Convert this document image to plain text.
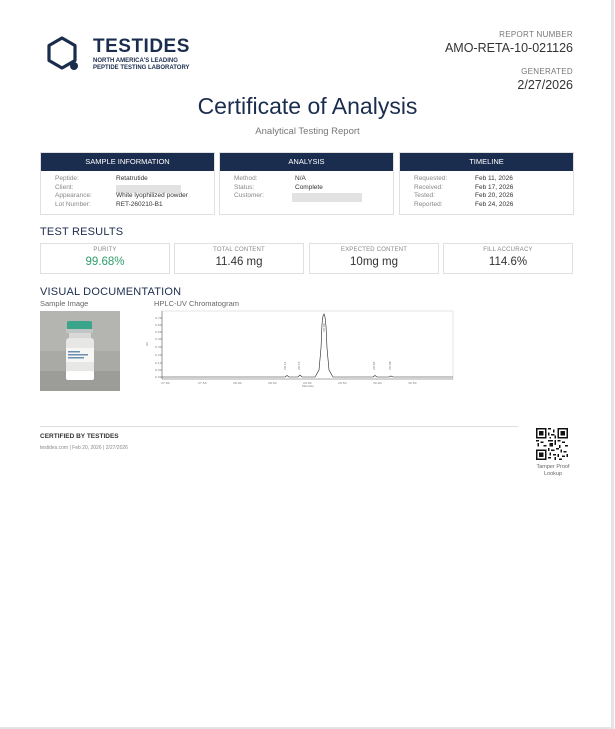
TESTIDES
NORTH AMERICA'S LEADING
PEPTIDE TESTING LABORATORY
REPORT NUMBER
AMO-RETA-10-021126
GENERATED
2/27/2026
Certificate of Analysis
Analytical Testing Report
SAMPLE INFORMATION
Peptide:	Retatrutide
Client:
Appearance:	White lyophilized powder
Lot Number:	RET-260210-B1
ANALYSIS
Method:	N/A
Status:	Complete
Customer:
TIMELINE
Requested:	Feb 11, 2026
Received:	Feb 17, 2026
Tested:	Feb 20, 2026
Reported:	Feb 24, 2026
TEST RESULTS
PURITY
99.68%
TOTAL CONTENT
11.46 mg
EXPECTED CONTENT
10mg mg
FILL ACCURACY
114.6%
VISUAL DOCUMENTATION
Sample Image	HPLC-UV Chromatogram
0.70
0.60
0.50
0.40
0.30
0.20
0.10
0.04
0.00
AU
27.00	27.50	28.00	28.50	29.00	29.50	30.00	30.50
Minutes
28.41	28.53
28.98
29.83	30.08
CERTIFIED BY TESTIDES
testides.com | Feb 20, 2026 | 2/27/2026
Tamper Proof
Lookup
